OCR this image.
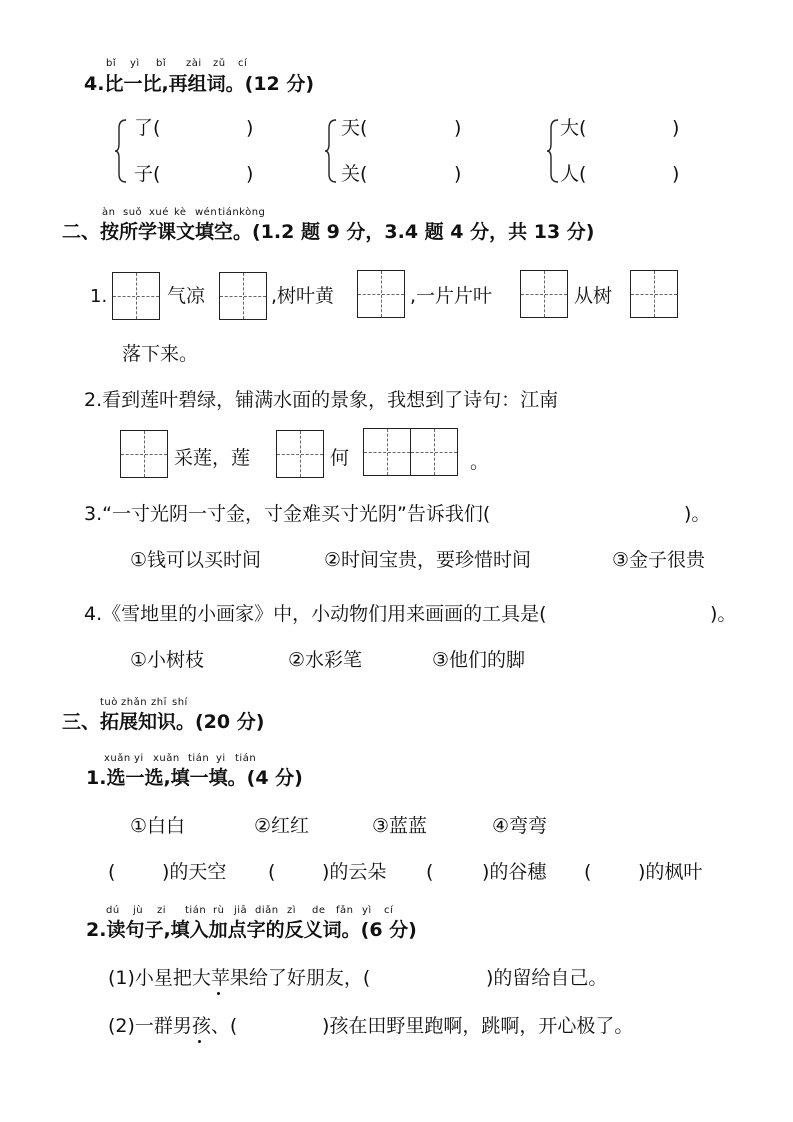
bǐ yì bǐ zài zǔ cí
4.比一比,再组词。(12 分)
了(	)
子(	)
天(	)
关(	)
大(	)
人(	)
àn suǒ xué kè wén tiánkòng
二、按所学课文填空。(1.2 题 9 分，3.4 题 4 分，共 13 分)
1.	气凉	,树叶黄	,一片片叶	从树
落下来。
2.看到莲叶碧绿，铺满水面的景象，我想到了诗句：江南
采莲，莲	何	。
3.“一寸光阴一寸金，寸金难买寸光阴”告诉我们(	)。
①钱可以买时间	②时间宝贵，要珍惜时间	③金子很贵
4.《雪地里的小画家》中，小动物们用来画画的工具是(	)。
①小树枝	②水彩笔	③他们的脚
tuò zhǎn zhī shí
三、拓展知识。(20 分)
xuǎn yi xuǎn tián yi tián
1.选一选,填一填。(4 分)
①白白	②红红	③蓝蓝	④弯弯
( )的天空 ( )的云朵 (	)的谷穗 ( )的枫叶
dú jù zi tián rù jiā diǎn zì de fǎn yì cí
2.读句子,填入加点字的反义词。(6 分)
(1)小星把大苹果给了好朋友，(	)的留给自己。
(2)一群男孩、(	)孩在田野里跑啊，跳啊，开心极了。
